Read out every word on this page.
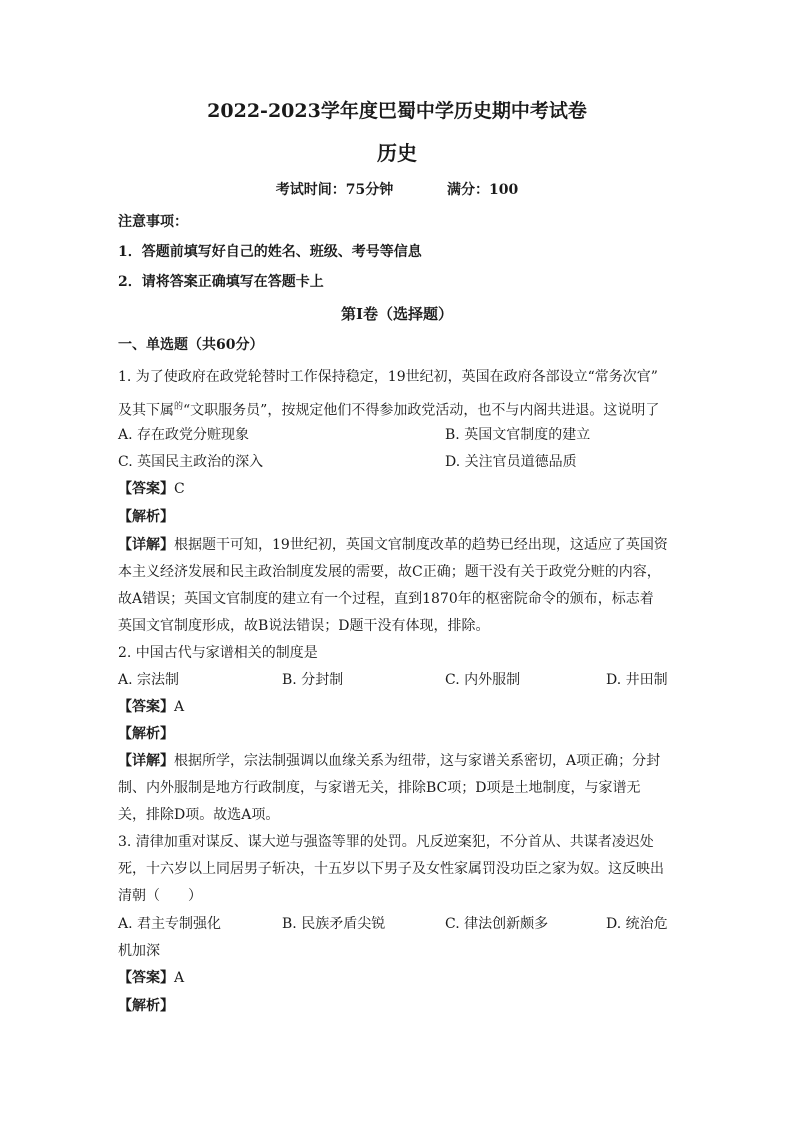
2022-2023学年度巴蜀中学历史期中考试卷
历史
考试时间：75分钟	满分：100
注意事项：
1．答题前填写好自己的姓名、班级、考号等信息
2．请将答案正确填写在答题卡上
第I卷（选择题）
一、单选题（共60分）
1. 为了使政府在政党轮替时工作保持稳定，19世纪初，英国在政府各部设立“常务次官”
及其下属$^的$“文职服务员”，按规定他们不得参加政党活动，也不与内阁共进退。这说明了
A. 存在政党分赃现象	B. 英国文官制度的建立
C. 英国民主政治的深入	D. 关注官员道德品质
【答案】C
【解析】
【详解】根据题干可知，19世纪初，英国文官制度改革的趋势已经出现，这适应了英国资
本主义经济发展和民主政治制度发展的需要，故C正确；题干没有关于政党分赃的内容，
故A错误；英国文官制度的建立有一个过程，直到1870年的枢密院命令的颁布，标志着
英国文官制度形成，故B说法错误；D题干没有体现，排除。
2. 中国古代与家谱相关的制度是
A. 宗法制	B. 分封制	C. 内外服制	D. 井田制
【答案】A
【解析】
【详解】根据所学，宗法制强调以血缘关系为纽带，这与家谱关系密切，A项正确；分封
制、内外服制是地方行政制度，与家谱无关，排除BC项；D项是土地制度，与家谱无
关，排除D项。故选A项。
3. 清律加重对谋反、谋大逆与强盗等罪的处罚。凡反逆案犯，不分首从、共谋者凌迟处
死，十六岁以上同居男子斩决，十五岁以下男子及女性家属罚没功臣之家为奴。这反映出
清朝（　　）
A. 君主专制强化	B. 民族矛盾尖锐	C. 律法创新颇多	D. 统治危
机加深
【答案】A
【解析】
